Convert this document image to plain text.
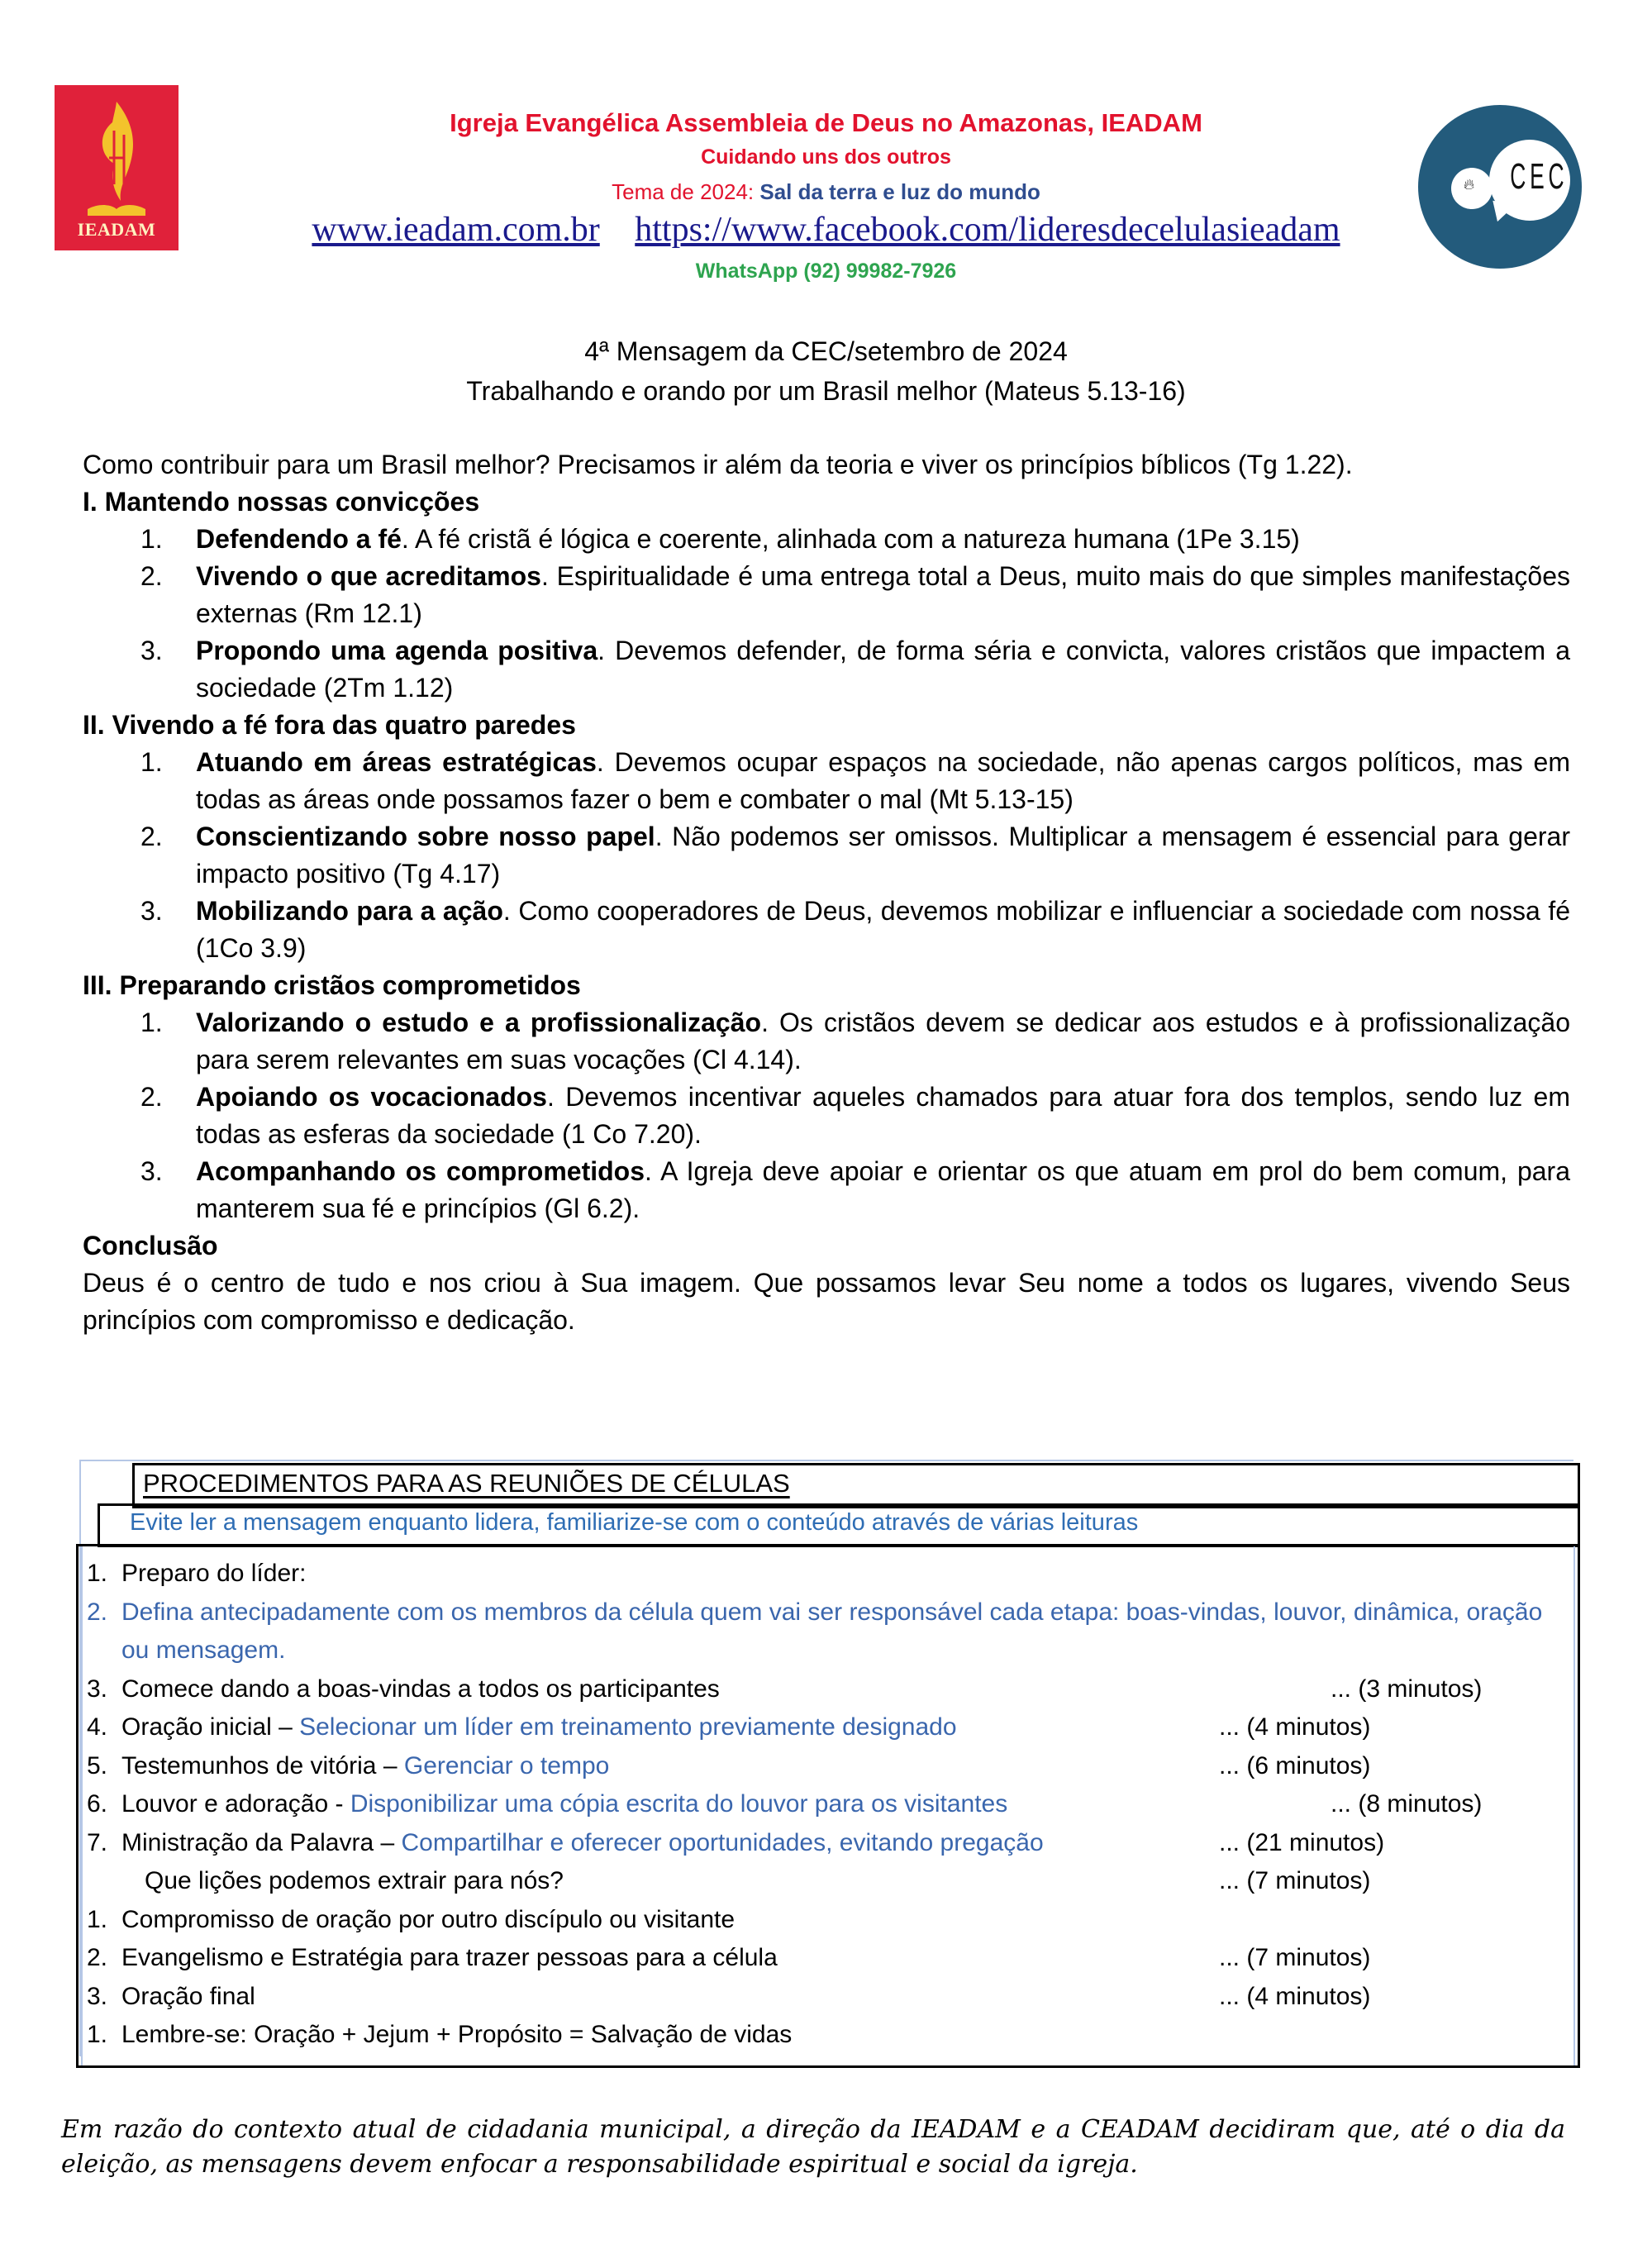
IEADAM
Igreja Evangélica Assembleia de Deus no Amazonas, IEADAM
Cuidando uns dos outros
Tema de 2024: Sal da terra e luz do mundo
www.ieadam.com.br https://www.facebook.com/lideresdecelulasieadam
WhatsApp (92) 99982-7926
🔥︎ CEC
4ª Mensagem da CEC/setembro de 2024
Trabalhando e orando por um Brasil melhor (Mateus 5.13-16)

Como contribuir para um Brasil melhor? Precisamos ir além da teoria e viver os princípios bíblicos (Tg 1.22).

I. Mantendo nossas convicções

1. Defendendo a fé. A fé cristã é lógica e coerente, alinhada com a natureza humana (1Pe 3.15)
2. Vivendo o que acreditamos. Espiritualidade é uma entrega total a Deus, muito mais do que simples manifestações externas (Rm 12.1)
3. Propondo uma agenda positiva. Devemos defender, de forma séria e convicta, valores cristãos que impactem a sociedade (2Tm 1.12)

II. Vivendo a fé fora das quatro paredes

1. Atuando em áreas estratégicas. Devemos ocupar espaços na sociedade, não apenas cargos políticos, mas em todas as áreas onde possamos fazer o bem e combater o mal (Mt 5.13-15)
2. Conscientizando sobre nosso papel. Não podemos ser omissos. Multiplicar a mensagem é essencial para gerar impacto positivo (Tg 4.17)
3. Mobilizando para a ação. Como cooperadores de Deus, devemos mobilizar e influenciar a sociedade com nossa fé (1Co 3.9)

III. Preparando cristãos comprometidos

1. Valorizando o estudo e a profissionalização. Os cristãos devem se dedicar aos estudos e à profissionalização para serem relevantes em suas vocações (Cl 4.14).
2. Apoiando os vocacionados. Devemos incentivar aqueles chamados para atuar fora dos templos, sendo luz em todas as esferas da sociedade (1 Co 7.20).
3. Acompanhando os comprometidos. A Igreja deve apoiar e orientar os que atuam em prol do bem comum, para manterem sua fé e princípios (Gl 6.2).

Conclusão

Deus é o centro de tudo e nos criou à Sua imagem. Que possamos levar Seu nome a todos os lugares, vivendo Seus princípios com compromisso e dedicação.

PROCEDIMENTOS PARA AS REUNIÕES DE CÉLULAS
Evite ler a mensagem enquanto lidera, familiarize-se com o conteúdo através de várias leituras
1. Preparo do líder:
2. Defina antecipadamente com os membros da célula quem vai ser responsável cada etapa: boas-vindas, louvor, dinâmica, oração ou mensagem.
3. Comece dando a boas-vindas a todos os participantes	... (3 minutos)
4. Oração inicial – Selecionar um líder em treinamento previamente designado	... (4 minutos)
5. Testemunhos de vitória – Gerenciar o tempo	... (6 minutos)
6. Louvor e adoração - Disponibilizar uma cópia escrita do louvor para os visitantes	... (8 minutos)
7. Ministração da Palavra – Compartilhar e oferecer oportunidades, evitando pregação	... (21 minutos)
Que lições podemos extrair para nós?	... (7 minutos)
1. Compromisso de oração por outro discípulo ou visitante
2. Evangelismo e Estratégia para trazer pessoas para a célula	... (7 minutos)
3. Oração final	... (4 minutos)
1. Lembre-se: Oração + Jejum + Propósito = Salvação de vidas
Em razão do contexto atual de cidadania municipal, a direção da IEADAM e a CEADAM decidiram que, até o dia da eleição, as mensagens devem enfocar a responsabilidade espiritual e social da igreja.
